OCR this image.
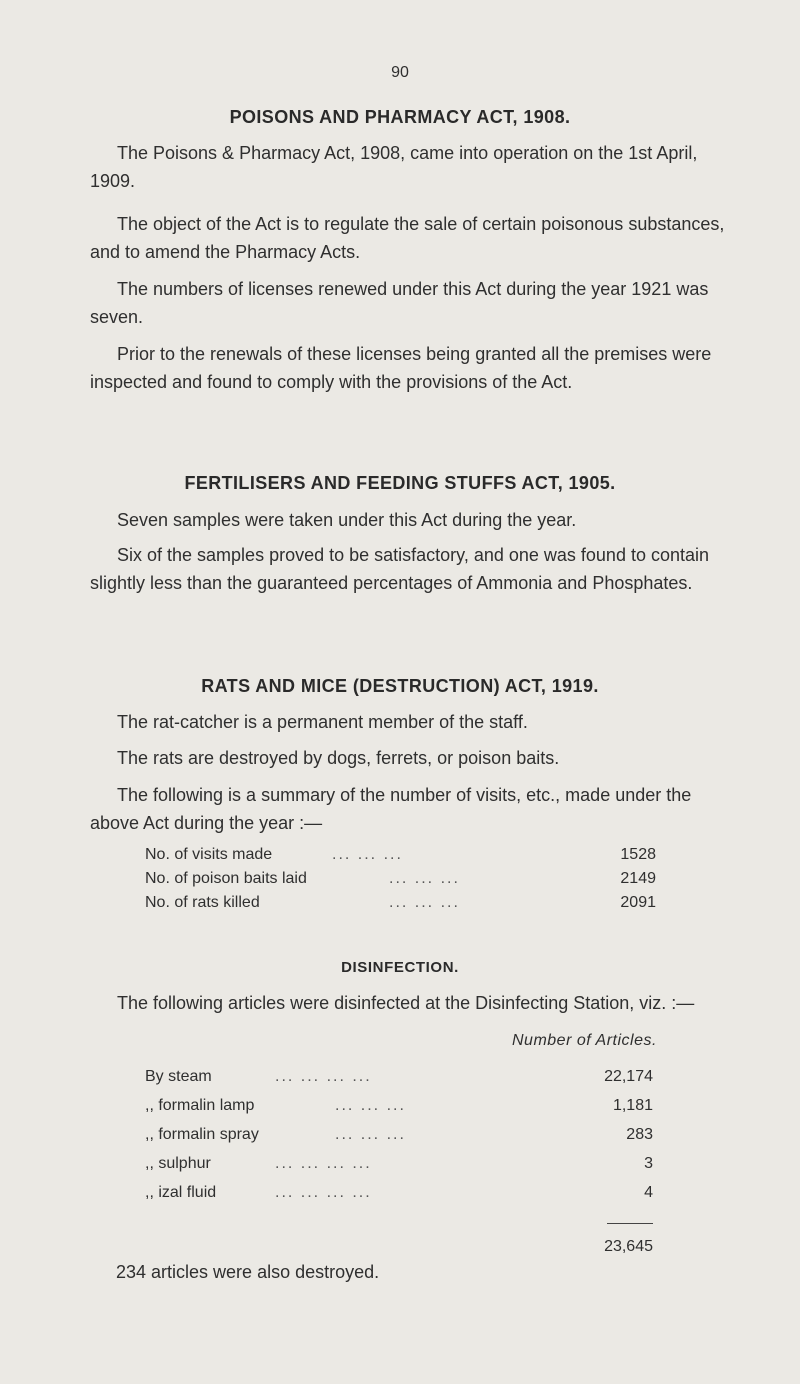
90
POISONS AND PHARMACY ACT, 1908.

The Poisons & Pharmacy Act, 1908, came into operation on the 1st April, 1909.

The object of the Act is to regulate the sale of certain poisonous substances, and to amend the Pharmacy Acts.

The numbers of licenses renewed under this Act during the year 1921 was seven.

Prior to the renewals of these licenses being granted all the premises were inspected and found to comply with the provisions of the Act.

FERTILISERS AND FEEDING STUFFS ACT, 1905.

Seven samples were taken under this Act during the year.

Six of the samples proved to be satisfactory, and one was found to contain slightly less than the guaranteed percentages of Ammonia and Phosphates.

RATS AND MICE (DESTRUCTION) ACT, 1919.

The rat-catcher is a permanent member of the staff.

The rats are destroyed by dogs, ferrets, or poison baits.

The following is a summary of the number of visits, etc., made under the above Act during the year :—

No. of visits made	... ... ...	1528
No. of poison baits laid	... ... ...	2149
No. of rats killed	... ... ...	2091
DISINFECTION.

The following articles were disinfected at the Disinfecting Station, viz. :—

Number of Articles.
By steam	... ... ... ...	22,174
,, formalin lamp	... ... ...	1,181
,, formalin spray	... ... ...	283
,, sulphur	... ... ... ...	3
,, izal fluid	... ... ... ...	4
23,645
234 articles were also destroyed.
